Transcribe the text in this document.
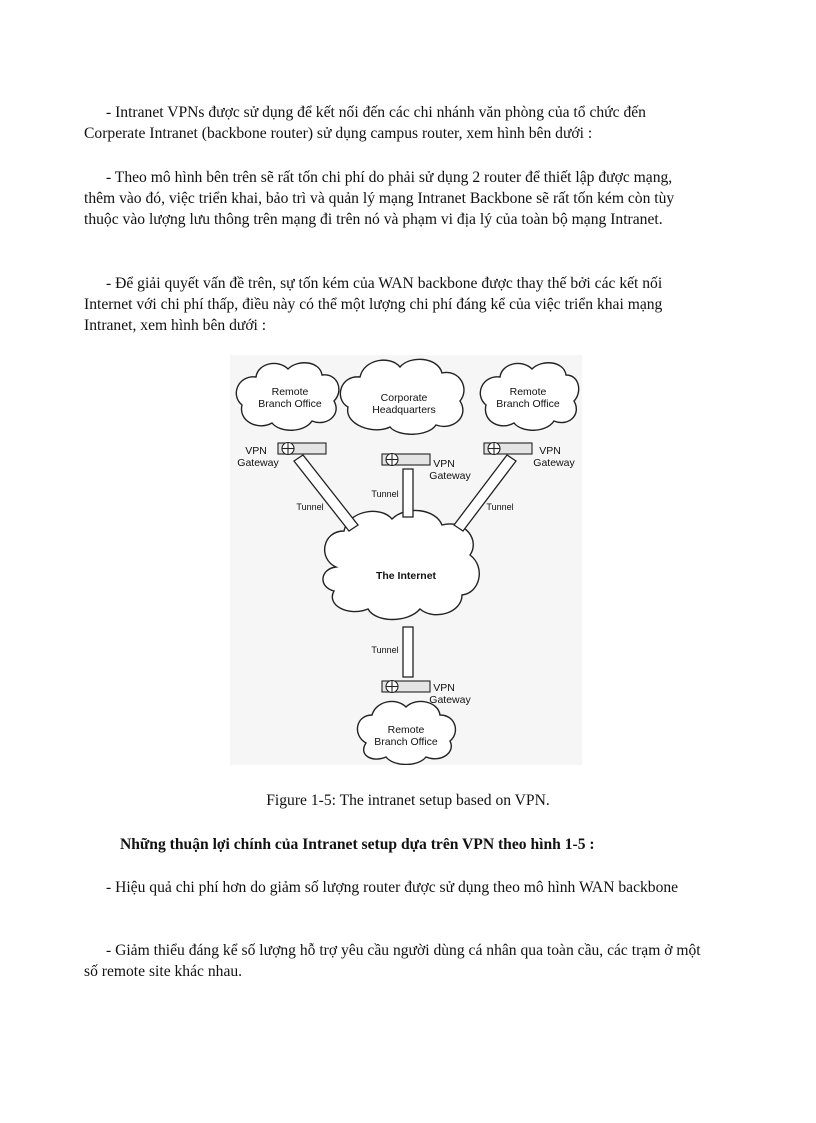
- Intranet VPNs được sử dụng để kết nối đến các chi nhánh văn phòng của tổ chức đến Corperate Intranet (backbone router) sử dụng campus router, xem hình bên dưới :

- Theo mô hình bên trên sẽ rất tốn chi phí do phải sử dụng 2 router để thiết lập được mạng, thêm vào đó, việc triển khai, bảo trì và quản lý mạng Intranet Backbone sẽ rất tốn kém còn tùy thuộc vào lượng lưu thông trên mạng đi trên nó và phạm vi địa lý của toàn bộ mạng Intranet.

- Để giải quyết vấn đề trên, sự tốn kém của WAN backbone được thay thế bởi các kết nối Internet với chi phí thấp, điều này có thể một lượng chi phí đáng kể của việc triển khai mạng Intranet, xem hình bên dưới :

Remote
Branch Office	Corporate
Headquarters
Remote
Branch Office
The Internet
Remote
Branch Office
VPN
Gateway	VPN
Gateway
VPN
Gateway
VPN
Gateway
Tunnel
Tunnel
Tunnel
Tunnel

Figure 1-5: The intranet setup based on VPN.

Những thuận lợi chính của Intranet setup dựa trên VPN theo hình 1-5 :

- Hiệu quả chi phí hơn do giảm số lượng router được sử dụng theo mô hình WAN backbone

- Giảm thiểu đáng kể số lượng hỗ trợ yêu cầu người dùng cá nhân qua toàn cầu, các trạm ở một số remote site khác nhau.
